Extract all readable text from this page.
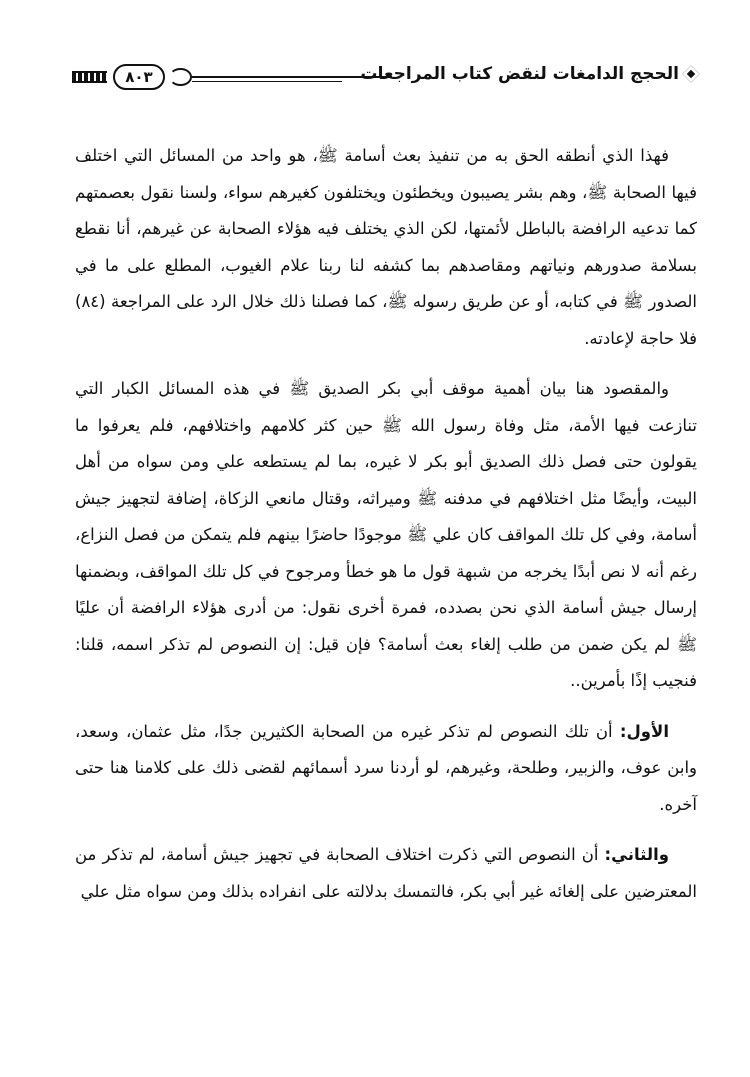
٨٠٣	الحجج الدامغات لنقض كتاب المراجعات
فهذا الذي أنطقه الحق به من تنفيذ بعث أسامة ﷺ، هو واحد من المسائل التي اختلف فيها الصحابة ﷺ، وهم بشر يصيبون ويخطئون ويختلفون كغيرهم سواء، ولسنا نقول بعصمتهم كما تدعيه الرافضة بالباطل لأئمتها، لكن الذي يختلف فيه هؤلاء الصحابة عن غيرهم، أنا نقطع بسلامة صدورهم ونياتهم ومقاصدهم بما كشفه لنا ربنا علام الغيوب، المطلع على ما في الصدور ﷺ في كتابه، أو عن طريق رسوله ﷺ، كما فصلنا ذلك خلال الرد على المراجعة (٨٤) فلا حاجة لإعادته.
والمقصود هنا بيان أهمية موقف أبي بكر الصديق ﷺ في هذه المسائل الكبار التي تنازعت فيها الأمة، مثل وفاة رسول الله ﷺ حين كثر كلامهم واختلافهم، فلم يعرفوا ما يقولون حتى فصل ذلك الصديق أبو بكر لا غيره، بما لم يستطعه علي ومن سواه من أهل البيت، وأيضًا مثل اختلافهم في مدفنه ﷺ وميراثه، وقتال مانعي الزكاة، إضافة لتجهيز جيش أسامة، وفي كل تلك المواقف كان علي ﷺ موجودًا حاضرًا بينهم فلم يتمكن من فصل النزاع، رغم أنه لا نص أبدًا يخرجه من شبهة قول ما هو خطأ ومرجوح في كل تلك المواقف، وبضمنها إرسال جيش أسامة الذي نحن بصدده، فمرة أخرى نقول: من أدرى هؤلاء الرافضة أن عليًا ﷺ لم يكن ضمن من طلب إلغاء بعث أسامة؟ فإن قيل: إن النصوص لم تذكر اسمه، قلنا: فنجيب إذًا بأمرين..
الأول: أن تلك النصوص لم تذكر غيره من الصحابة الكثيرين جدًا، مثل عثمان، وسعد، وابن عوف، والزبير، وطلحة، وغيرهم، لو أردنا سرد أسمائهم لقضى ذلك على كلامنا هنا حتى آخره.
والثاني: أن النصوص التي ذكرت اختلاف الصحابة في تجهيز جيش أسامة، لم تذكر من المعترضين على إلغائه غير أبي بكر، فالتمسك بدلالته على انفراده بذلك ومن سواه مثل علي
